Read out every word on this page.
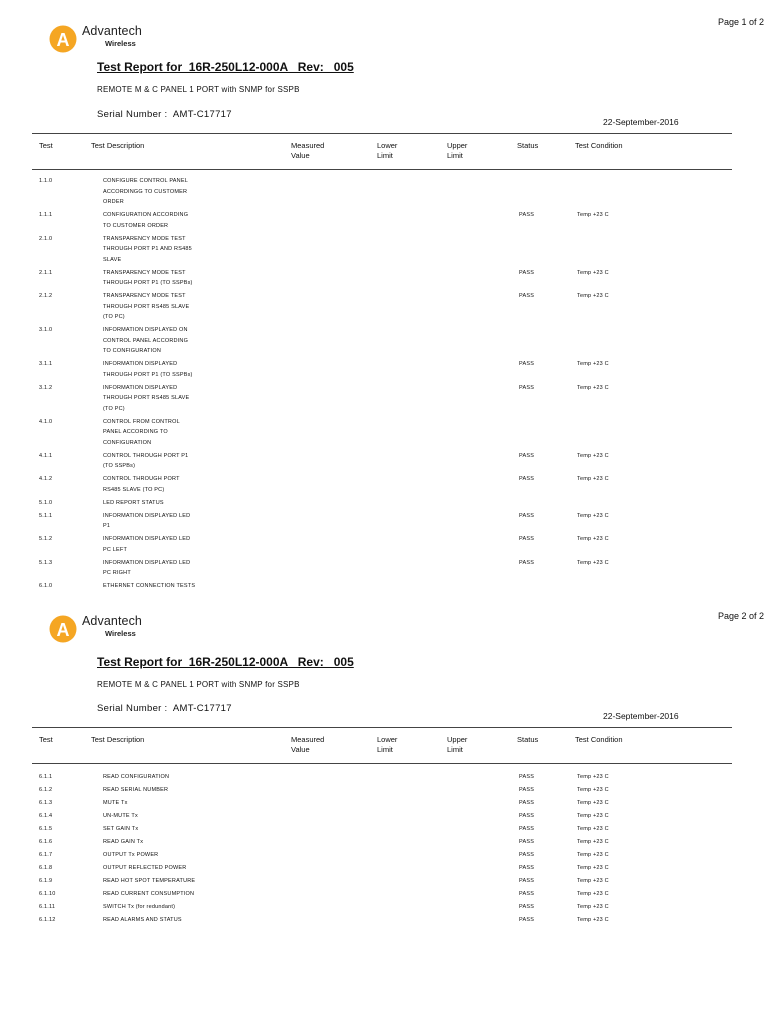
Page 1 of 2
A Advantech
Wireless
Test Report for  16R-250L12-000A   Rev:   005
REMOTE M & C PANEL 1 PORT with SNMP for SSPB
Serial Number :  AMT-C17717
22-September-2016
Test	Test Description	Measured
Value
Lower
Limit
Upper
Limit
Status	Test Condition
1.1.0	CONFIGURE CONTROL PANEL
ACCORDINGG TO CUSTOMER
ORDER
1.1.1	CONFIGURATION ACCORDING
TO CUSTOMER ORDER
PASS	Temp +23 C
2.1.0	TRANSPARENCY MODE TEST
THROUGH PORT P1 AND RS485
SLAVE
2.1.1	TRANSPARENCY MODE TEST
THROUGH PORT P1 (TO SSPBs)
PASS	Temp +23 C
2.1.2	TRANSPARENCY MODE TEST
THROUGH PORT RS485 SLAVE
(TO PC)
PASS	Temp +23 C
3.1.0	INFORMATION DISPLAYED ON
CONTROL PANEL ACCORDING
TO CONFIGURATION
3.1.1	INFORMATION DISPLAYED
THROUGH PORT P1 (TO SSPBs)
PASS	Temp +23 C
3.1.2	INFORMATION DISPLAYED
THROUGH PORT RS485 SLAVE
(TO PC)
PASS	Temp +23 C
4.1.0	CONTROL FROM CONTROL
PANEL ACCORDING TO
CONFIGURATION
4.1.1	CONTROL THROUGH PORT P1
(TO SSPBs)
PASS	Temp +23 C
4.1.2	CONTROL THROUGH PORT
RS485 SLAVE (TO PC)
PASS	Temp +23 C
5.1.0	LED REPORT STATUS
5.1.1	INFORMATION DISPLAYED LED
P1
PASS	Temp +23 C
5.1.2	INFORMATION DISPLAYED LED
PC LEFT
PASS	Temp +23 C
5.1.3	INFORMATION DISPLAYED LED
PC RIGHT
PASS	Temp +23 C
6.1.0	ETHERNET CONNECTION TESTS
Page 2 of 2
A Advantech
Wireless
Test Report for  16R-250L12-000A   Rev:   005
REMOTE M & C PANEL 1 PORT with SNMP for SSPB
Serial Number :  AMT-C17717
22-September-2016
Test	Test Description	Measured
Value
Lower
Limit
Upper
Limit
Status	Test Condition
6.1.1	READ CONFIGURATION	PASS	Temp +23 C
6.1.2	READ SERIAL NUMBER	PASS	Temp +23 C
6.1.3	MUTE Tx	PASS	Temp +23 C
6.1.4	UN-MUTE Tx	PASS	Temp +23 C
6.1.5	SET GAIN Tx	PASS	Temp +23 C
6.1.6	READ GAIN Tx	PASS	Temp +23 C
6.1.7	OUTPUT Tx POWER	PASS	Temp +23 C
6.1.8	OUTPUT REFLECTED POWER	PASS	Temp +23 C
6.1.9	READ HOT SPOT TEMPERATURE	PASS	Temp +23 C
6.1.10	READ CURRENT CONSUMPTION	PASS	Temp +23 C
6.1.11	SWITCH Tx (for redundant)	PASS	Temp +23 C
6.1.12	READ ALARMS AND STATUS	PASS	Temp +23 C
